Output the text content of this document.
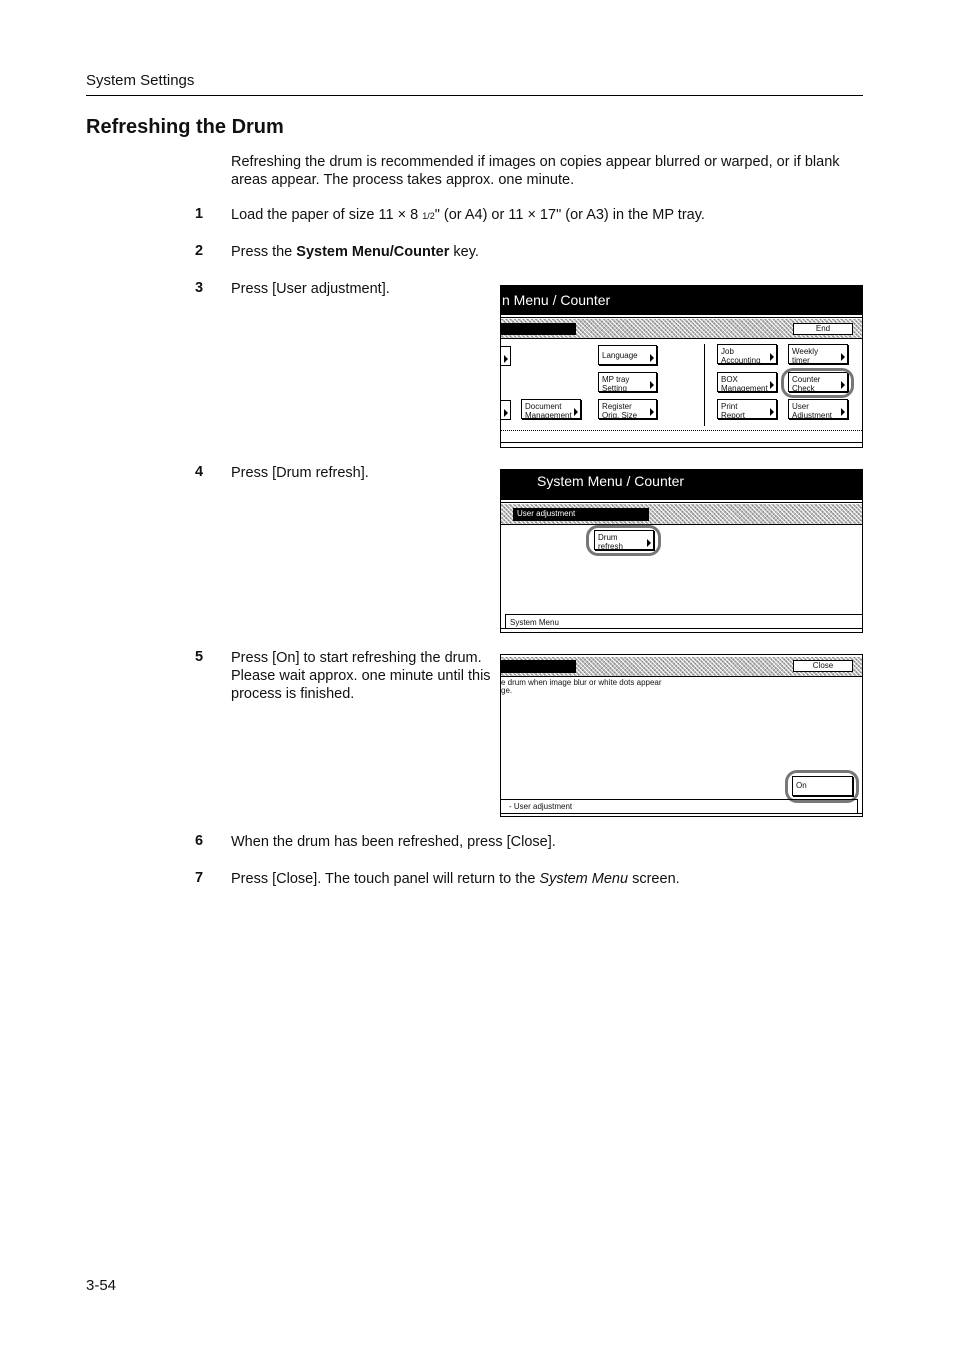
System Settings
Refreshing the Drum
Refreshing the drum is recommended if images on copies appear blurred or warped, or if blank areas appear. The process takes approx. one minute.
1 Load the paper of size 11 × 8 1/2" (or A4) or 11 × 17" (or A3) in the MP tray.
2 Press the System Menu/Counter key.
3 Press [User adjustment].
4 Press [Drum refresh].
5 Press [On] to start refreshing the drum. Please wait approx. one minute until this process is finished.
6 When the drum has been refreshed, press [Close].
7 Press [Close]. The touch panel will return to the System Menu screen.
n Menu / Counter
End
Language
MP tray
Setting
Document
Management
Register
Orig. Size
Job
Accounting
Weekly
timer
BOX
Management
Counter
Check
Print
Report
User
Adjustment
System Menu / Counter
User adjustment
Drum
refresh
System Menu
Close
e drum when image blur or white dots appear
ge.
On
- User adjustment
3-54
